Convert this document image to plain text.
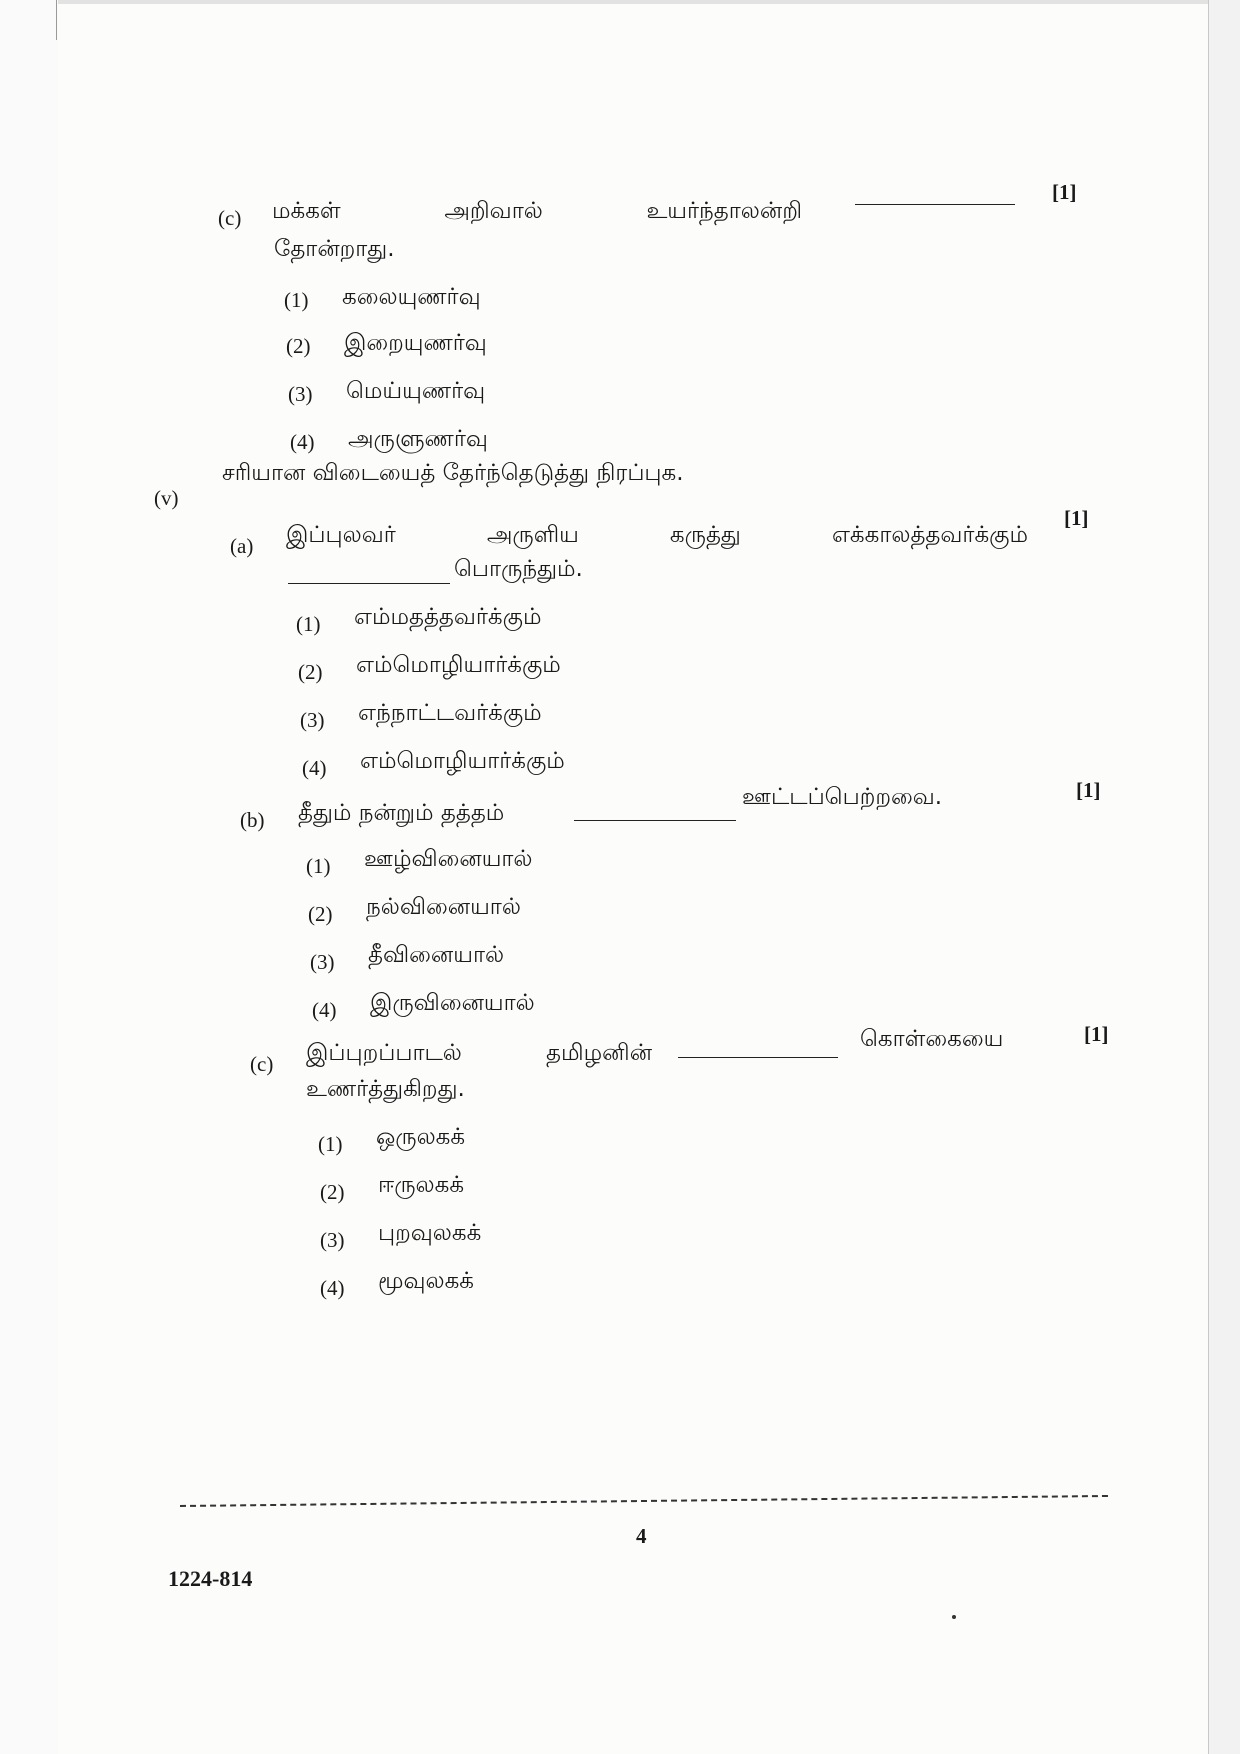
(c) மக்கள்	அறிவால்	உயர்ந்தாலன்றி
[1]
தோன்றாது.
(1) கலையுணர்வு
(2) இறையுணர்வு
(3) மெய்யுணர்வு
(4) அருளுணர்வு
(v)
சரியான விடையைத் தேர்ந்தெடுத்து நிரப்புக.
(a) இப்புலவர்	அருளிய	கருத்து	எக்காலத்தவர்க்கும்
[1]
பொருந்தும்.
(1) எம்மதத்தவர்க்கும்
(2) எம்மொழியார்க்கும்
(3) எந்நாட்டவர்க்கும்
(4) எம்மொழியார்க்கும்
(b) தீதும் நன்றும் தத்தம்
ஊட்டப்பெற்றவை.	[1]
(1) ஊழ்வினையால்
(2) நல்வினையால்
(3) தீவினையால்
(4) இருவினையால்
(c) இப்புறப்பாடல்	தமிழனின்
கொள்கையை	[1]
உணர்த்துகிறது.
(1) ஒருலகக்
(2) ஈருலகக்
(3) புறவுலகக்
(4) மூவுலகக்
4
1224-814
